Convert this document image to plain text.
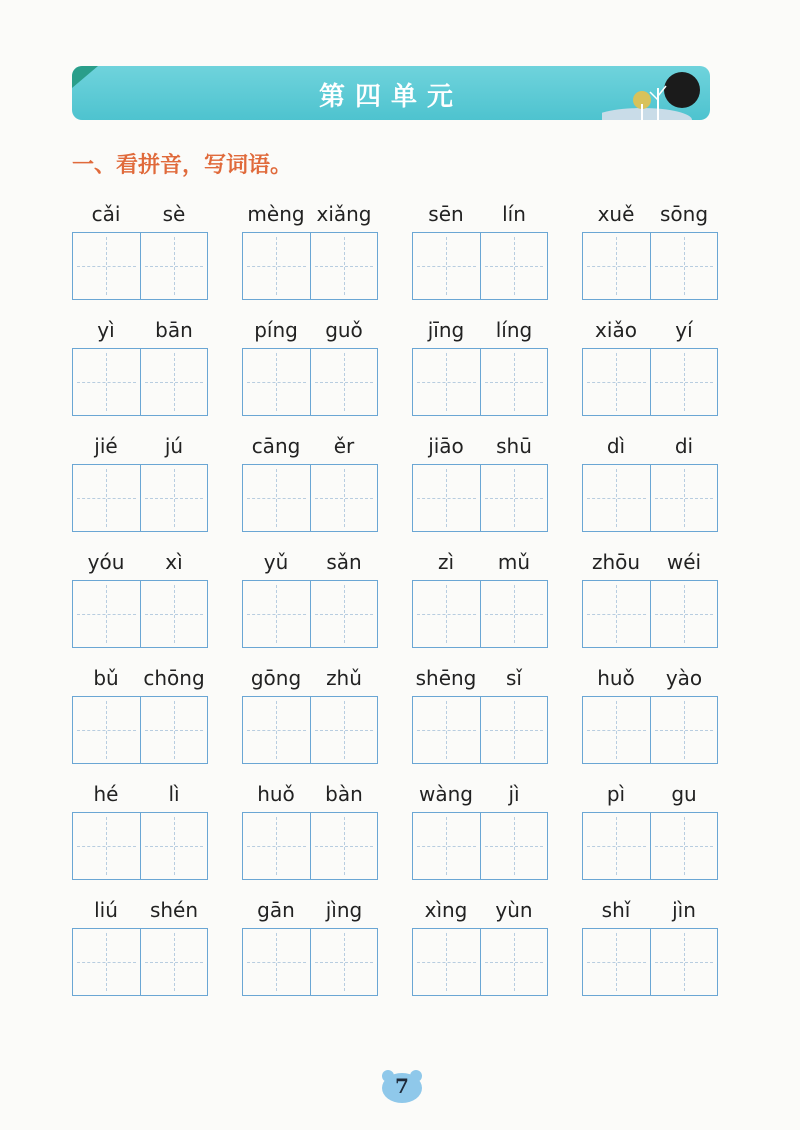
第四单元
一、看拼音，写词语。
cǎi	sè	mèng xiǎng	sēn	lín	xuě	sōng
yì	bān	píng	guǒ	jīng	líng	xiǎo	yí
jié	jú	cāng	ěr	jiāo	shū	dì	di
yóu	xì	yǔ	sǎn	zì	mǔ	zhōu	wéi
bǔ	chōng	gōng	zhǔ	shēng	sǐ	huǒ	yào
hé	lì	huǒ	bàn	wàng	jì	pì	gu
liú	shén	gān	jìng	xìng	yùn	shǐ	jìn
7
